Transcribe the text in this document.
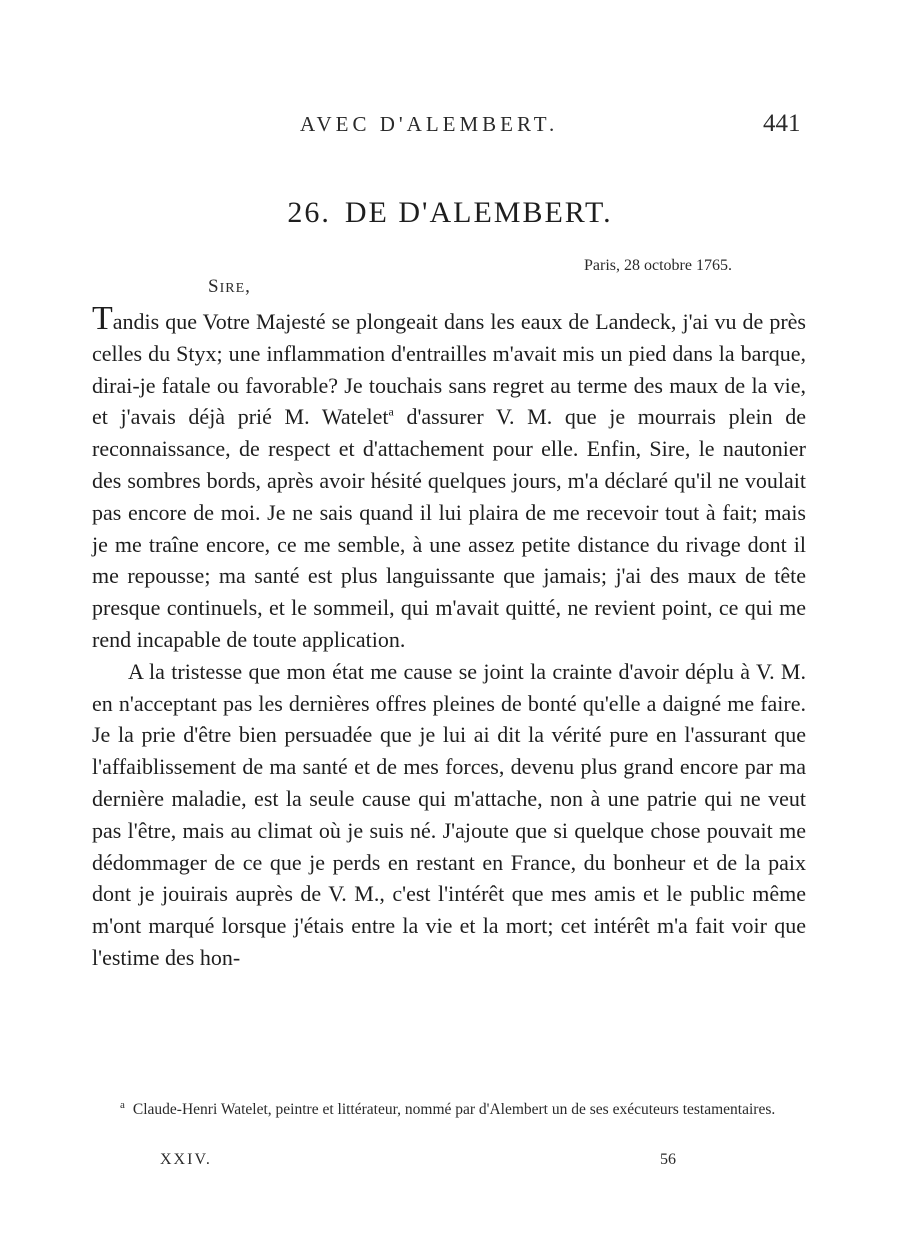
AVEC D'ALEMBERT.	441
26. DE D'ALEMBERT.
Paris, 28 octobre 1765.
SIRE,

Tandis que Votre Majesté se plongeait dans les eaux de Landeck, j'ai vu de près celles du Styx; une inflammation d'entrailles m'avait mis un pied dans la barque, dirai-je fatale ou favorable? Je touchais sans regret au terme des maux de la vie, et j'avais déjà prié M. Watelet$^a$ d'assurer V. M. que je mourrais plein de reconnaissance, de respect et d'attachement pour elle. Enfin, Sire, le nautonier des sombres bords, après avoir hésité quelques jours, m'a déclaré qu'il ne voulait pas encore de moi. Je ne sais quand il lui plaira de me recevoir tout à fait; mais je me traîne encore, ce me semble, à une assez petite distance du rivage dont il me repousse; ma santé est plus languissante que jamais; j'ai des maux de tête presque continuels, et le sommeil, qui m'avait quitté, ne revient point, ce qui me rend incapable de toute application.

A la tristesse que mon état me cause se joint la crainte d'avoir déplu à V. M. en n'acceptant pas les dernières offres pleines de bonté qu'elle a daigné me faire. Je la prie d'être bien persuadée que je lui ai dit la vérité pure en l'assurant que l'affaiblissement de ma santé et de mes forces, devenu plus grand encore par ma dernière maladie, est la seule cause qui m'attache, non à une patrie qui ne veut pas l'être, mais au climat où je suis né. J'ajoute que si quelque chose pouvait me dédommager de ce que je perds en restant en France, du bonheur et de la paix dont je jouirais auprès de V. M., c'est l'intérêt que mes amis et le public même m'ont marqué lorsque j'étais entre la vie et la mort; cet intérêt m'a fait voir que l'estime des hon-

$^a$ Claude-Henri Watelet, peintre et littérateur, nommé par d'Alembert un de ses exécuteurs testamentaires.
XXIV.	56
